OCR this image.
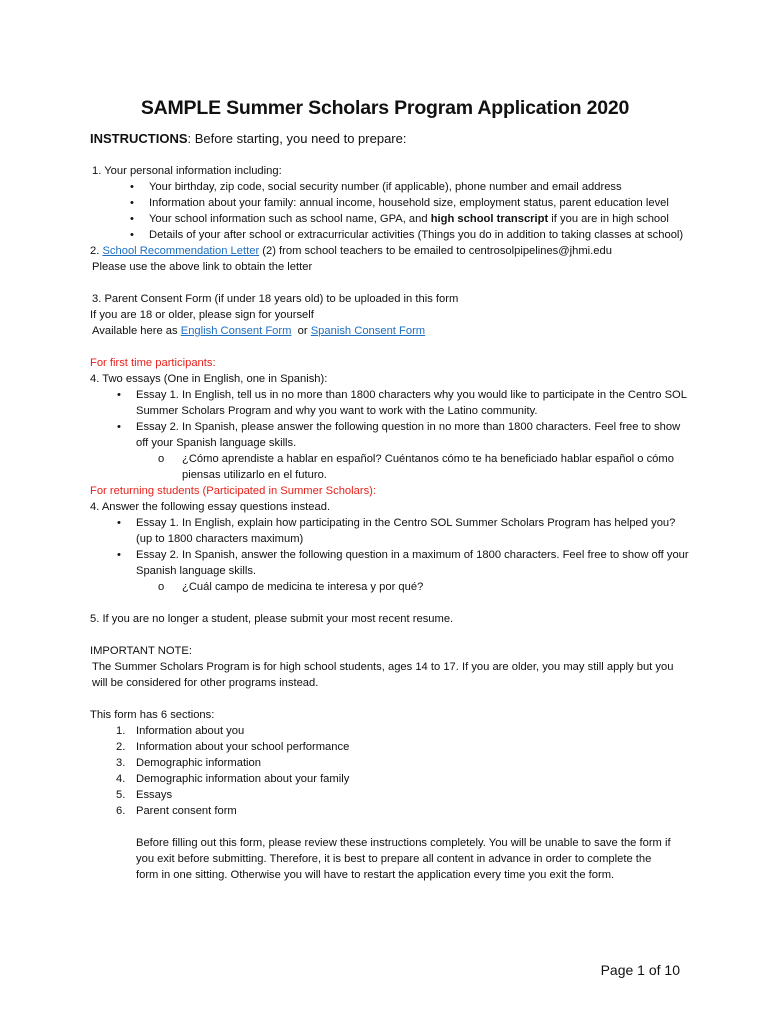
SAMPLE Summer Scholars Program Application 2020
INSTRUCTIONS: Before starting, you need to prepare:

1. Your personal information including:

•	Your birthday, zip code, social security number (if applicable), phone number and email address
•	Information about your family: annual income, household size, employment status, parent education level
•	Your school information such as school name, GPA, and high school transcript if you are in high school
•	Details of your after school or extracurricular activities (Things you do in addition to taking classes at school)

2. School Recommendation Letter (2) from school teachers to be emailed to centrosolpipelines@jhmi.edu

Please use the above link to obtain the letter

3. Parent Consent Form (if under 18 years old) to be uploaded in this form

If you are 18 or older, please sign for yourself

Available here as English Consent Form  or Spanish Consent Form

For first time participants:

4. Two essays (One in English, one in Spanish):

•	Essay 1. In English, tell us in no more than 1800 characters why you would like to participate in the Centro SOL Summer Scholars Program and why you want to work with the Latino community.
•	Essay 2. In Spanish, please answer the following question in no more than 1800 characters. Feel free to show off your Spanish language skills.
o	¿Cómo aprendiste a hablar en español? Cuéntanos cómo te ha beneficiado hablar español o cómo piensas utilizarlo en el futuro.

For returning students (Participated in Summer Scholars):

4. Answer the following essay questions instead.

•	Essay 1. In English, explain how participating in the Centro SOL Summer Scholars Program has helped you? (up to 1800 characters maximum)
•	Essay 2. In Spanish, answer the following question in a maximum of 1800 characters. Feel free to show off your Spanish language skills.
o	¿Cuál campo de medicina te interesa y por qué?

5. If you are no longer a student, please submit your most recent resume.

IMPORTANT NOTE:

The Summer Scholars Program is for high school students, ages 14 to 17. If you are older, you may still apply but you will be considered for other programs instead.

This form has 6 sections:

1. Information about you
2. Information about your school performance
3. Demographic information
4. Demographic information about your family
5. Essays
6. Parent consent form

Before filling out this form, please review these instructions completely. You will be unable to save the form if you exit before submitting. Therefore, it is best to prepare all content in advance in order to complete the form in one sitting. Otherwise you will have to restart the application every time you exit the form.

Page 1 of 10
